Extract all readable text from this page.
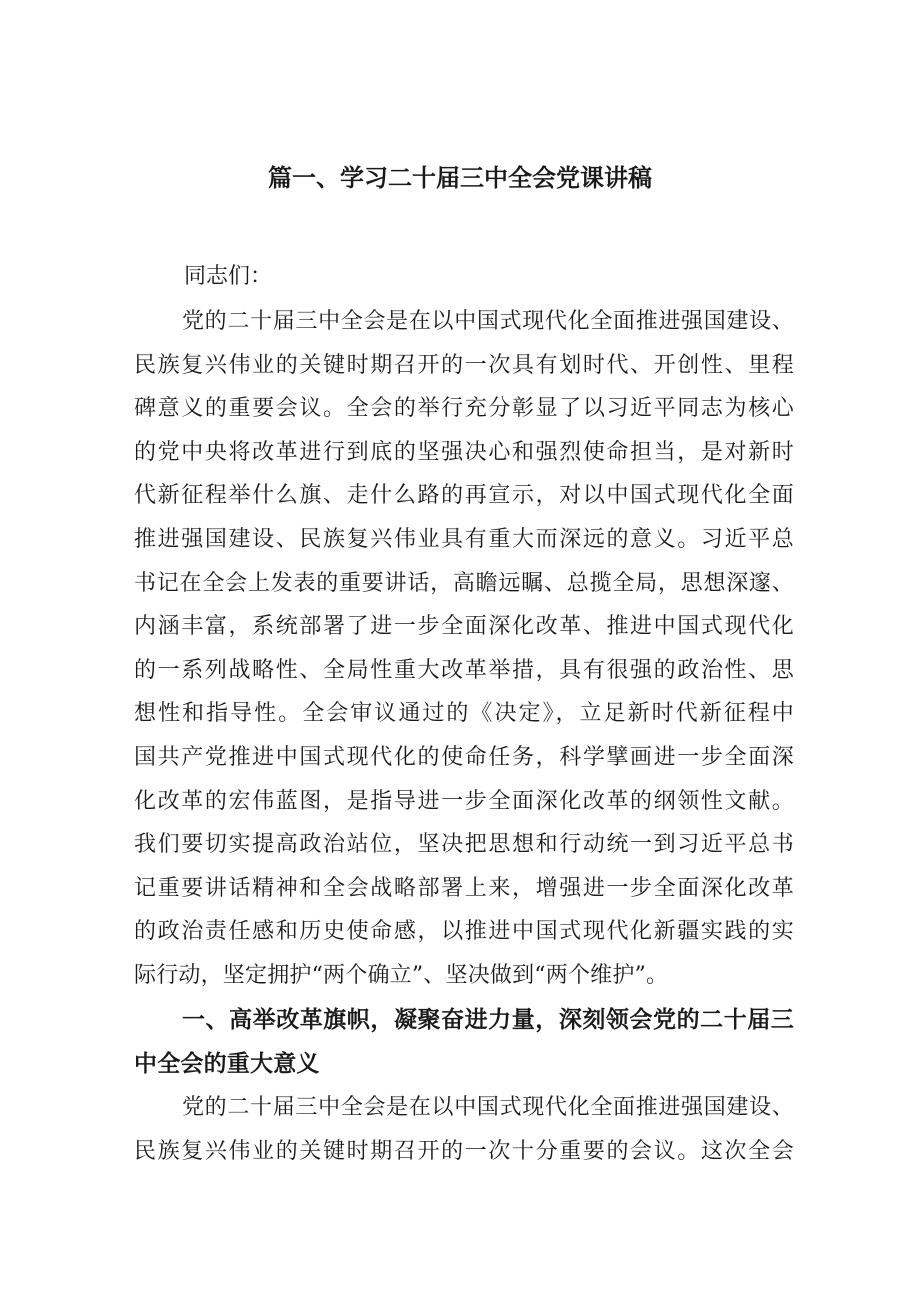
篇一、学习二十届三中全会党课讲稿
同志们：
党的二十届三中全会是在以中国式现代化全面推进强国建设、
民族复兴伟业的关键时期召开的一次具有划时代、开创性、里程
碑意义的重要会议。全会的举行充分彰显了以习近平同志为核心
的党中央将改革进行到底的坚强决心和强烈使命担当，是对新时
代新征程举什么旗、走什么路的再宣示，对以中国式现代化全面
推进强国建设、民族复兴伟业具有重大而深远的意义。习近平总
书记在全会上发表的重要讲话，高瞻远瞩、总揽全局，思想深邃、
内涵丰富，系统部署了进一步全面深化改革、推进中国式现代化
的一系列战略性、全局性重大改革举措，具有很强的政治性、思
想性和指导性。全会审议通过的《决定》，立足新时代新征程中
国共产党推进中国式现代化的使命任务，科学擘画进一步全面深
化改革的宏伟蓝图，是指导进一步全面深化改革的纲领性文献。
我们要切实提高政治站位，坚决把思想和行动统一到习近平总书
记重要讲话精神和全会战略部署上来，增强进一步全面深化改革
的政治责任感和历史使命感，以推进中国式现代化新疆实践的实
际行动，坚定拥护“两个确立”、坚决做到“两个维护”。
一、高举改革旗帜，凝聚奋进力量，深刻领会党的二十届三
中全会的重大意义
党的二十届三中全会是在以中国式现代化全面推进强国建设、
民族复兴伟业的关键时期召开的一次十分重要的会议。这次全会
